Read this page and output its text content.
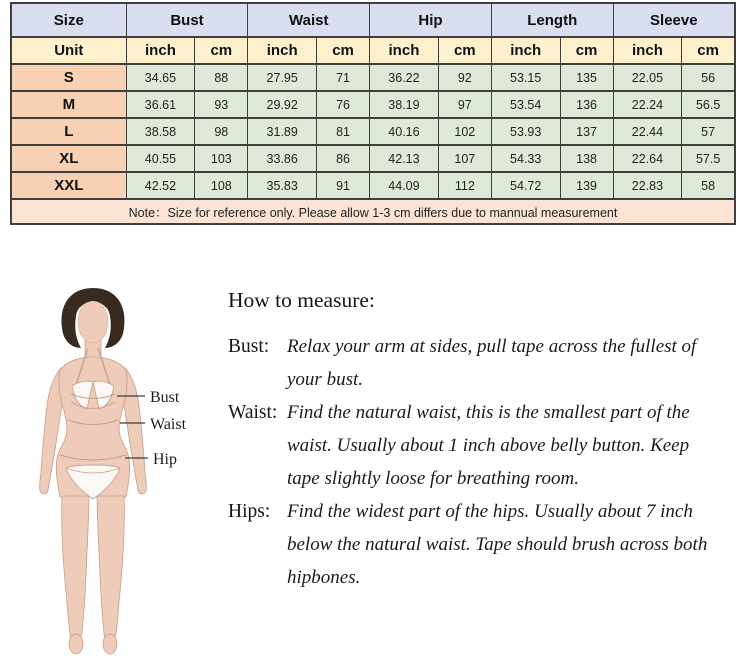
Size	Bust		Waist		Hip		Length		Sleeve	
Unit	inch	cm	inch	cm	inch	cm	inch	cm	inch	cm
S	34.65	88	27.95	71	36.22	92	53.15	135	22.05	56
M	36.61	93	29.92	76	38.19	97	53.54	136	22.24	56.5
L	38.58	98	31.89	81	40.16	102	53.93	137	22.44	57
XL	40.55	103	33.86	86	42.13	107	54.33	138	22.64	57.5
XXL	42.52	108	35.83	91	44.09	112	54.72	139	22.83	58
Note：Size for reference only. Please allow 1-3 cm differs due to mannual measurement										
Bust
Waist
Hip
How to measure:
Bust: Relax your arm at sides, pull tape across the fullest of your bust.
Waist: Find the natural waist, this is the smallest part of the waist. Usually about 1 inch above belly button. Keep tape slightly loose for breathing room.
Hips: Find the widest part of the hips. Usually about 7 inch below the natural waist. Tape should brush across both hipbones.
